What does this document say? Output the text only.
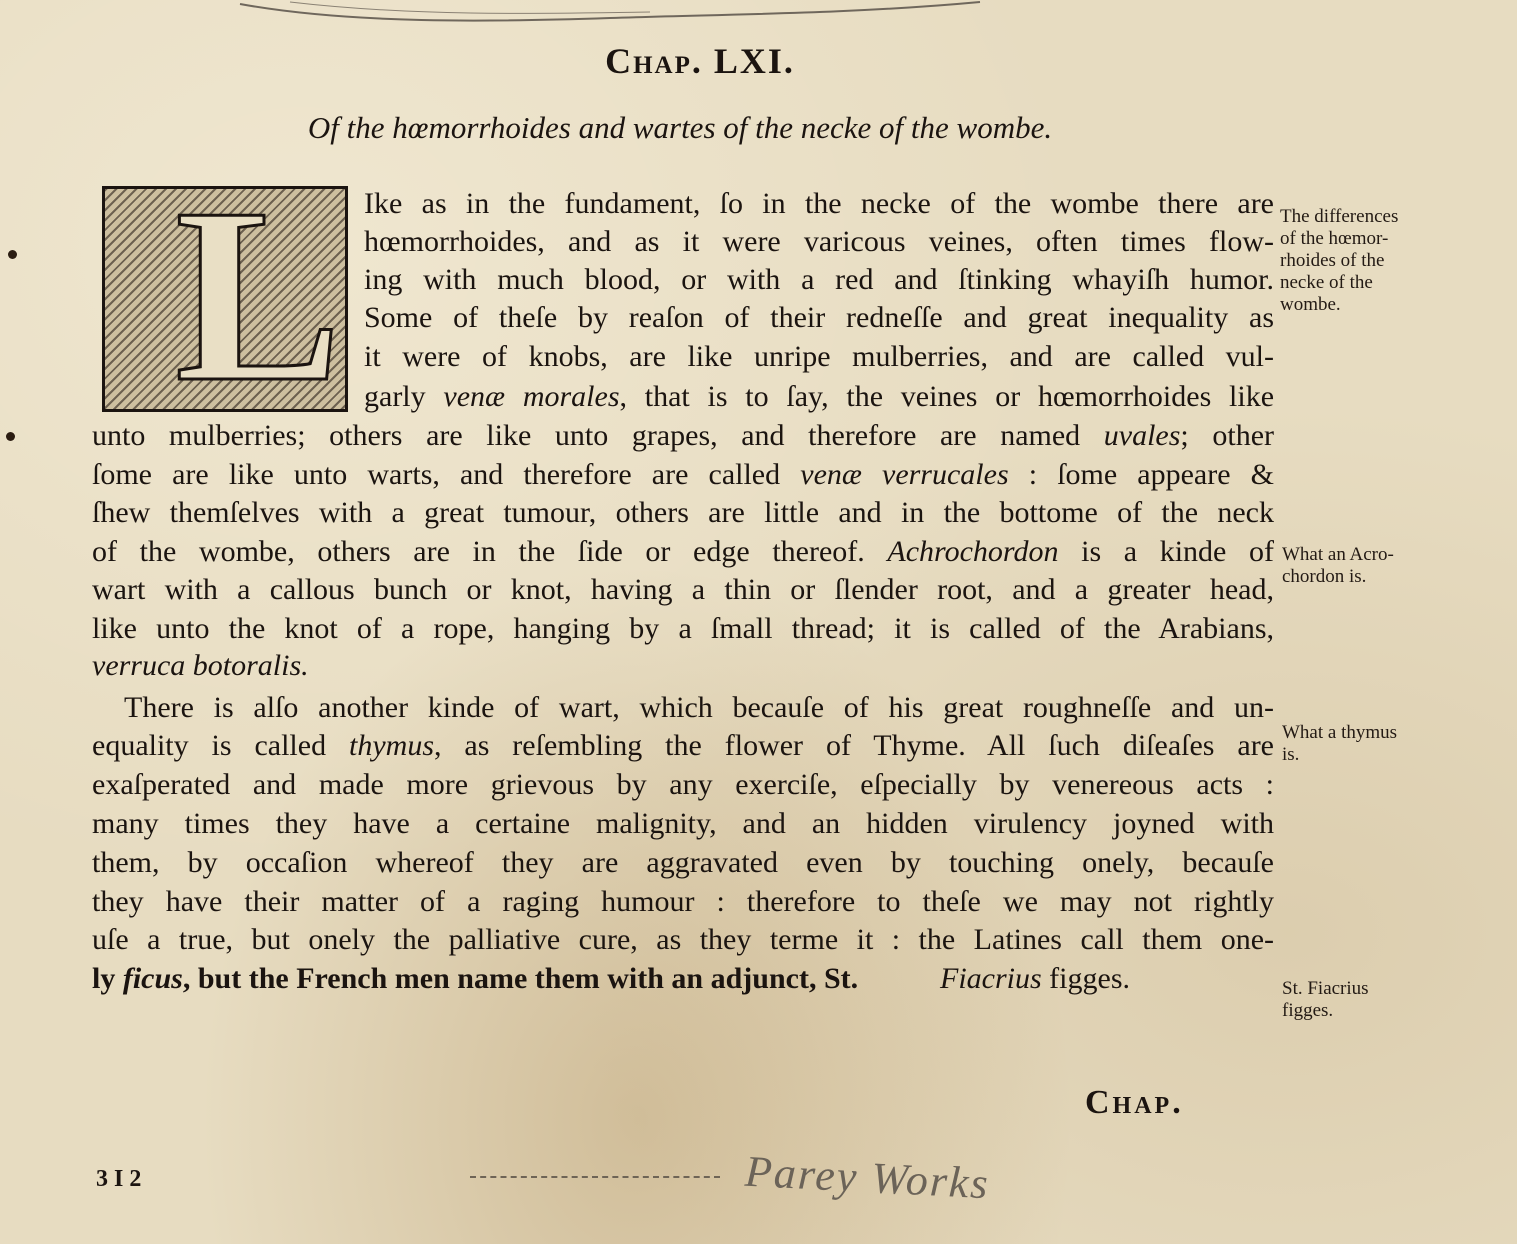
Chap. LXI.
Of the hœmorrhoides and wartes of the necke of the wombe.
L Ike as in the fundament, ſo in the necke of the wombe there are
hœmorrhoides, and as it were varicous veines, often times flow-
ing with much blood, or with a red and ſtinking whayiſh humor.
Some of theſe by reaſon of their redneſſe and great inequality as
it were of knobs, are like unripe mulberries, and are called vul-
garly venæ morales, that is to ſay, the veines or hœmorrhoides like
unto mulberries; others are like unto grapes, and therefore are named uvales; other
ſome are like unto warts, and therefore are called venæ verrucales : ſome appeare &
ſhew themſelves with a great tumour, others are little and in the bottome of the neck
of the wombe, others are in the ſide or edge thereof. Achrochordon is a kinde of
wart with a callous bunch or knot, having a thin or ſlender root, and a greater head,
like unto the knot of a rope, hanging by a ſmall thread; it is called of the Arabians,
verruca botoralis.
There is alſo another kinde of wart, which becauſe of his great roughneſſe and un-
equality is called thymus, as reſembling the flower of Thyme. All ſuch diſeaſes are
exaſperated and made more grievous by any exerciſe, eſpecially by venereous acts :
many times they have a certaine malignity, and an hidden virulency joyned with
them, by occaſion whereof they are aggravated even by touching onely, becauſe
they have their matter of a raging humour : therefore to theſe we may not rightly
uſe a true, but onely the palliative cure, as they terme it : the Latines call them one-
ly ficus, but the French men name them with an adjunct, St.	Fiacrius figges.
The differences
of the hœmor-
rhoides of the
necke of the
wombe.
What an Acro-
chordon is.
What a thymus
is.
St. Fiacrius
figges.
Chap.
3 I 2	Parey Works
